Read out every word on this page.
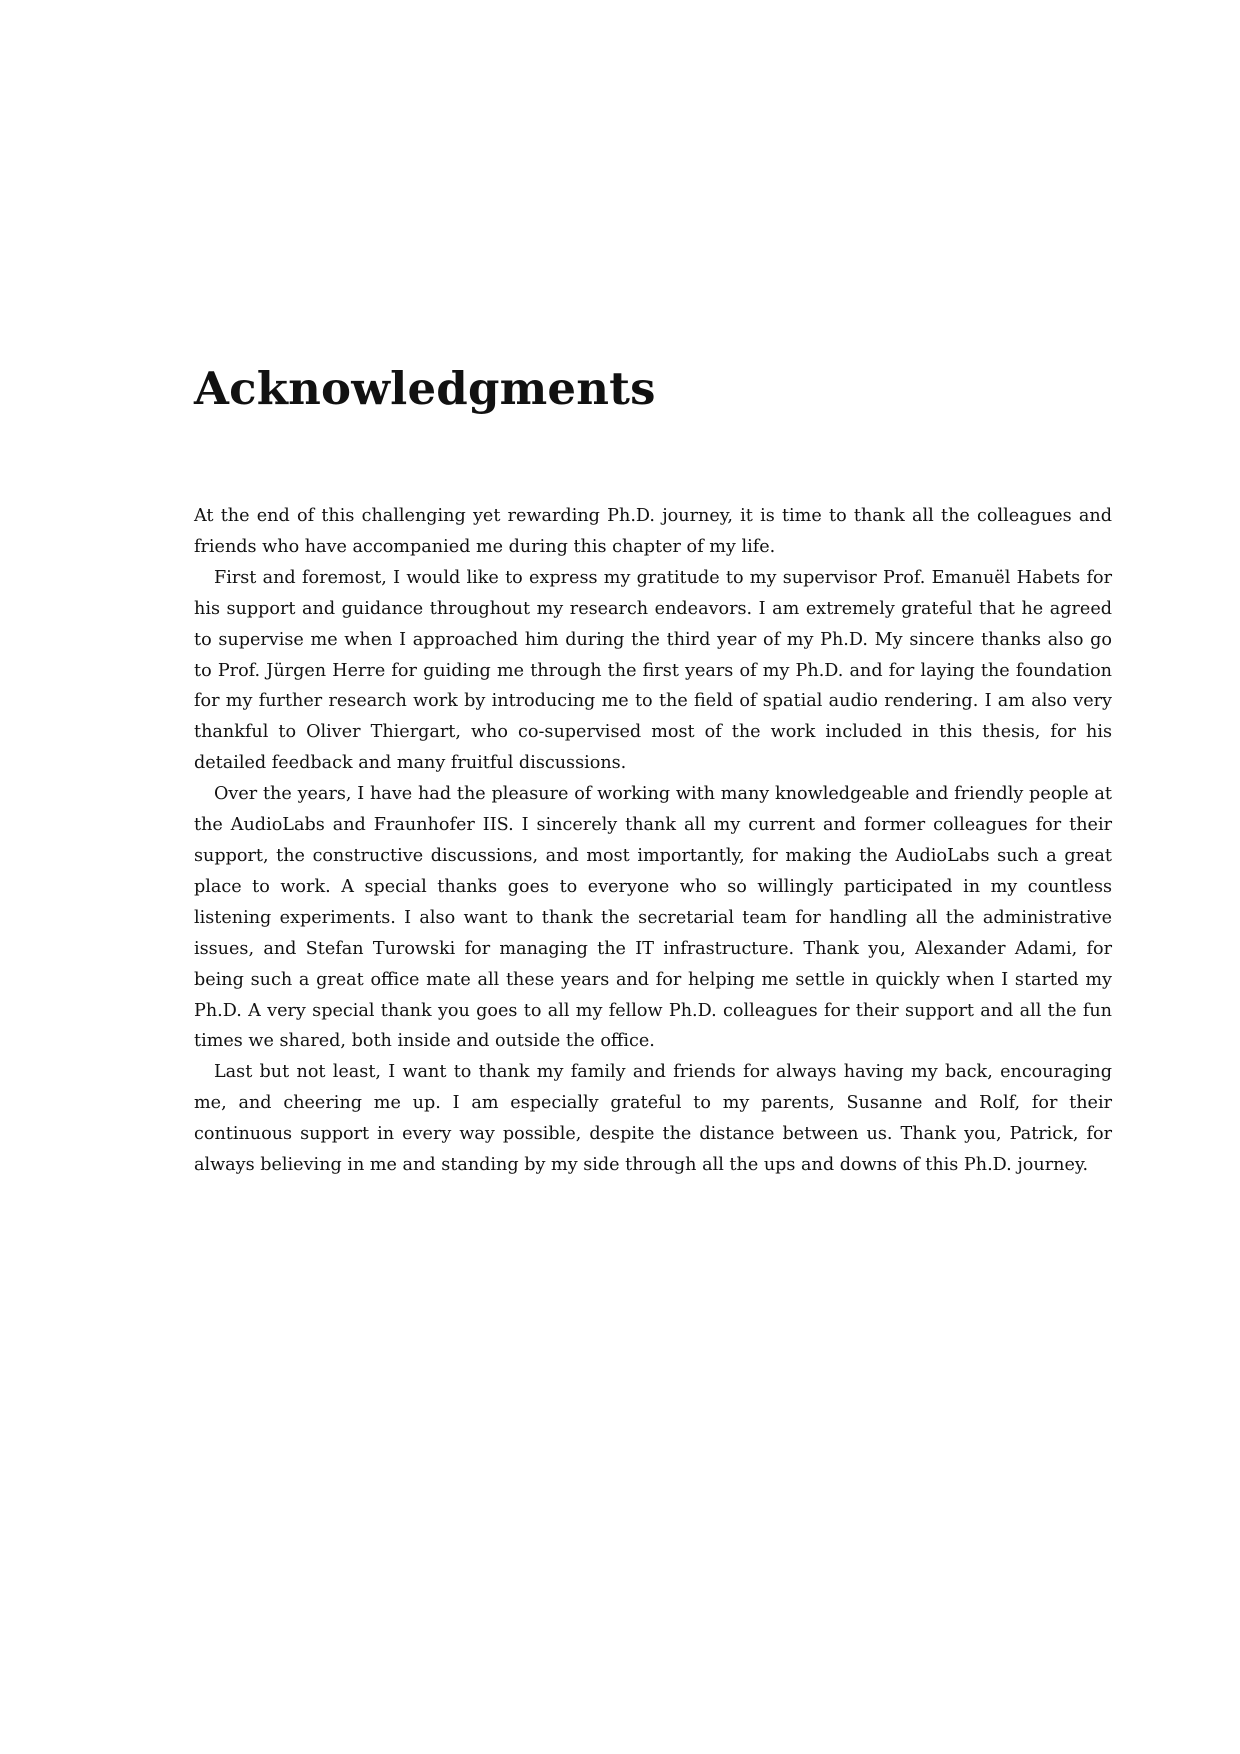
Acknowledgments

At the end of this challenging yet rewarding Ph.D. journey, it is time to thank all the colleagues and friends who have accompanied me during this chapter of my life.

First and foremost, I would like to express my gratitude to my supervisor Prof. Emanuël Habets for his support and guidance throughout my research endeavors. I am extremely grateful that he agreed to supervise me when I approached him during the third year of my Ph.D. My sincere thanks also go to Prof. Jürgen Herre for guiding me through the first years of my Ph.D. and for laying the foundation for my further research work by introducing me to the field of spatial audio rendering. I am also very thankful to Oliver Thiergart, who co-supervised most of the work included in this thesis, for his detailed feedback and many fruitful discussions.

Over the years, I have had the pleasure of working with many knowledgeable and friendly people at the AudioLabs and Fraunhofer IIS. I sincerely thank all my current and former colleagues for their support, the constructive discussions, and most importantly, for making the AudioLabs such a great place to work. A special thanks goes to everyone who so willingly participated in my countless listening experiments. I also want to thank the secretarial team for handling all the administrative issues, and Stefan Turowski for managing the IT infrastructure. Thank you, Alexander Adami, for being such a great office mate all these years and for helping me settle in quickly when I started my Ph.D. A very special thank you goes to all my fellow Ph.D. colleagues for their support and all the fun times we shared, both inside and outside the office.

Last but not least, I want to thank my family and friends for always having my back, encouraging me, and cheering me up. I am especially grateful to my parents, Susanne and Rolf, for their continuous support in every way possible, despite the distance between us. Thank you, Patrick, for always believing in me and standing by my side through all the ups and downs of this Ph.D. journey.
